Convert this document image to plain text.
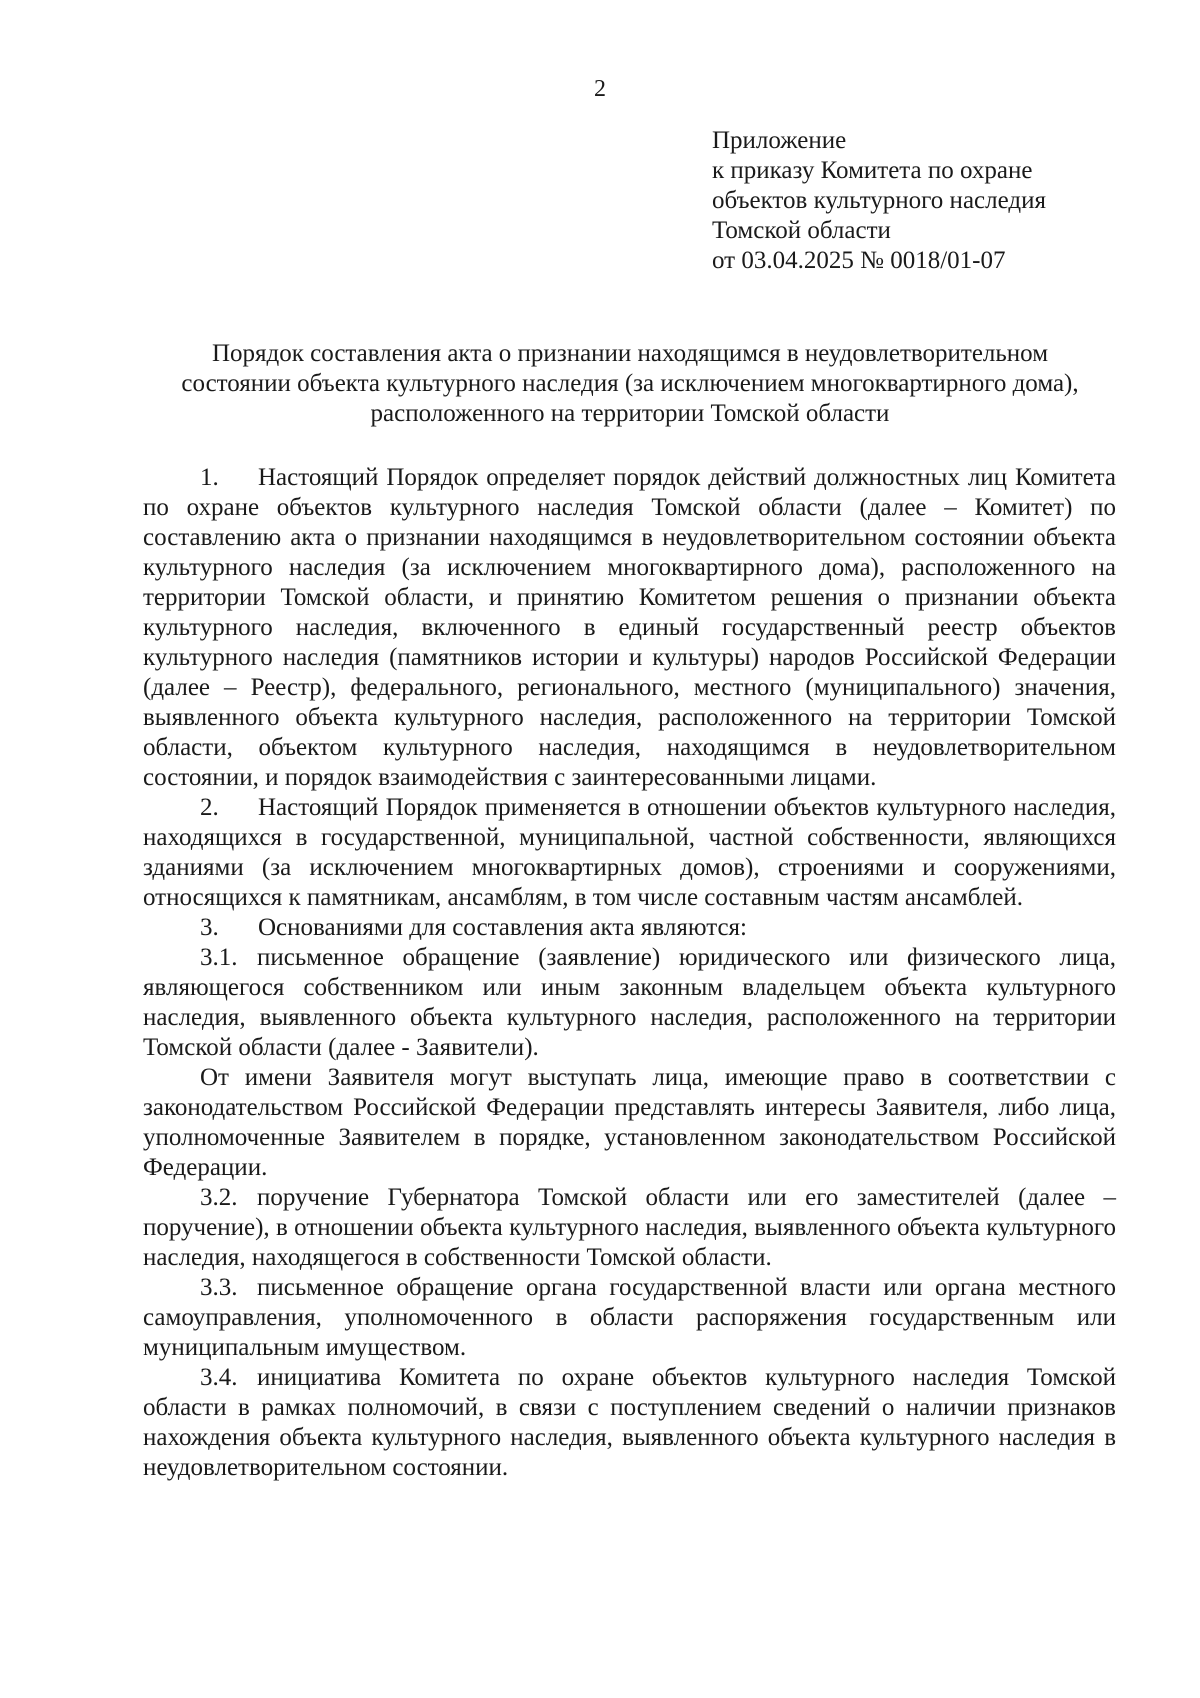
2
Приложение
к приказу Комитета по охране
объектов культурного наследия
Томской области
от 03.04.2025 № 0018/01-07
Порядок составления акта о признании находящимся в неудовлетворительном
состоянии объекта культурного наследия (за исключением многоквартирного дома),
расположенного на территории Томской области

1. Настоящий Порядок определяет порядок действий должностных лиц Комитета по охране объектов культурного наследия Томской области (далее – Комитет) по составлению акта о признании находящимся в неудовлетворительном состоянии объекта культурного наследия (за исключением многоквартирного дома), расположенного на территории Томской области, и принятию Комитетом решения о признании объекта культурного наследия, включенного в единый государственный реестр объектов культурного наследия (памятников истории и культуры) народов Российской Федерации (далее – Реестр), федерального, регионального, местного (муниципального) значения, выявленного объекта культурного наследия, расположенного на территории Томской области, объектом культурного наследия, находящимся в неудовлетворительном состоянии, и порядок взаимодействия с заинтересованными лицами.

2. Настоящий Порядок применяется в отношении объектов культурного наследия, находящихся в государственной, муниципальной, частной собственности, являющихся зданиями (за исключением многоквартирных домов), строениями и сооружениями, относящихся к памятникам, ансамблям, в том числе составным частям ансамблей.

3. Основаниями для составления акта являются:

3.1. письменное обращение (заявление) юридического или физического лица, являющегося собственником или иным законным владельцем объекта культурного наследия, выявленного объекта культурного наследия, расположенного на территории Томской области (далее - Заявители).

От имени Заявителя могут выступать лица, имеющие право в соответствии с законодательством Российской Федерации представлять интересы Заявителя, либо лица, уполномоченные Заявителем в порядке, установленном законодательством Российской Федерации.

3.2. поручение Губернатора Томской области или его заместителей (далее – поручение), в отношении объекта культурного наследия, выявленного объекта культурного наследия, находящегося в собственности Томской области.

3.3. письменное обращение органа государственной власти или органа местного самоуправления, уполномоченного в области распоряжения государственным или муниципальным имуществом.

3.4. инициатива Комитета по охране объектов культурного наследия Томской области в рамках полномочий, в связи с поступлением сведений о наличии признаков нахождения объекта культурного наследия, выявленного объекта культурного наследия в неудовлетворительном состоянии.
